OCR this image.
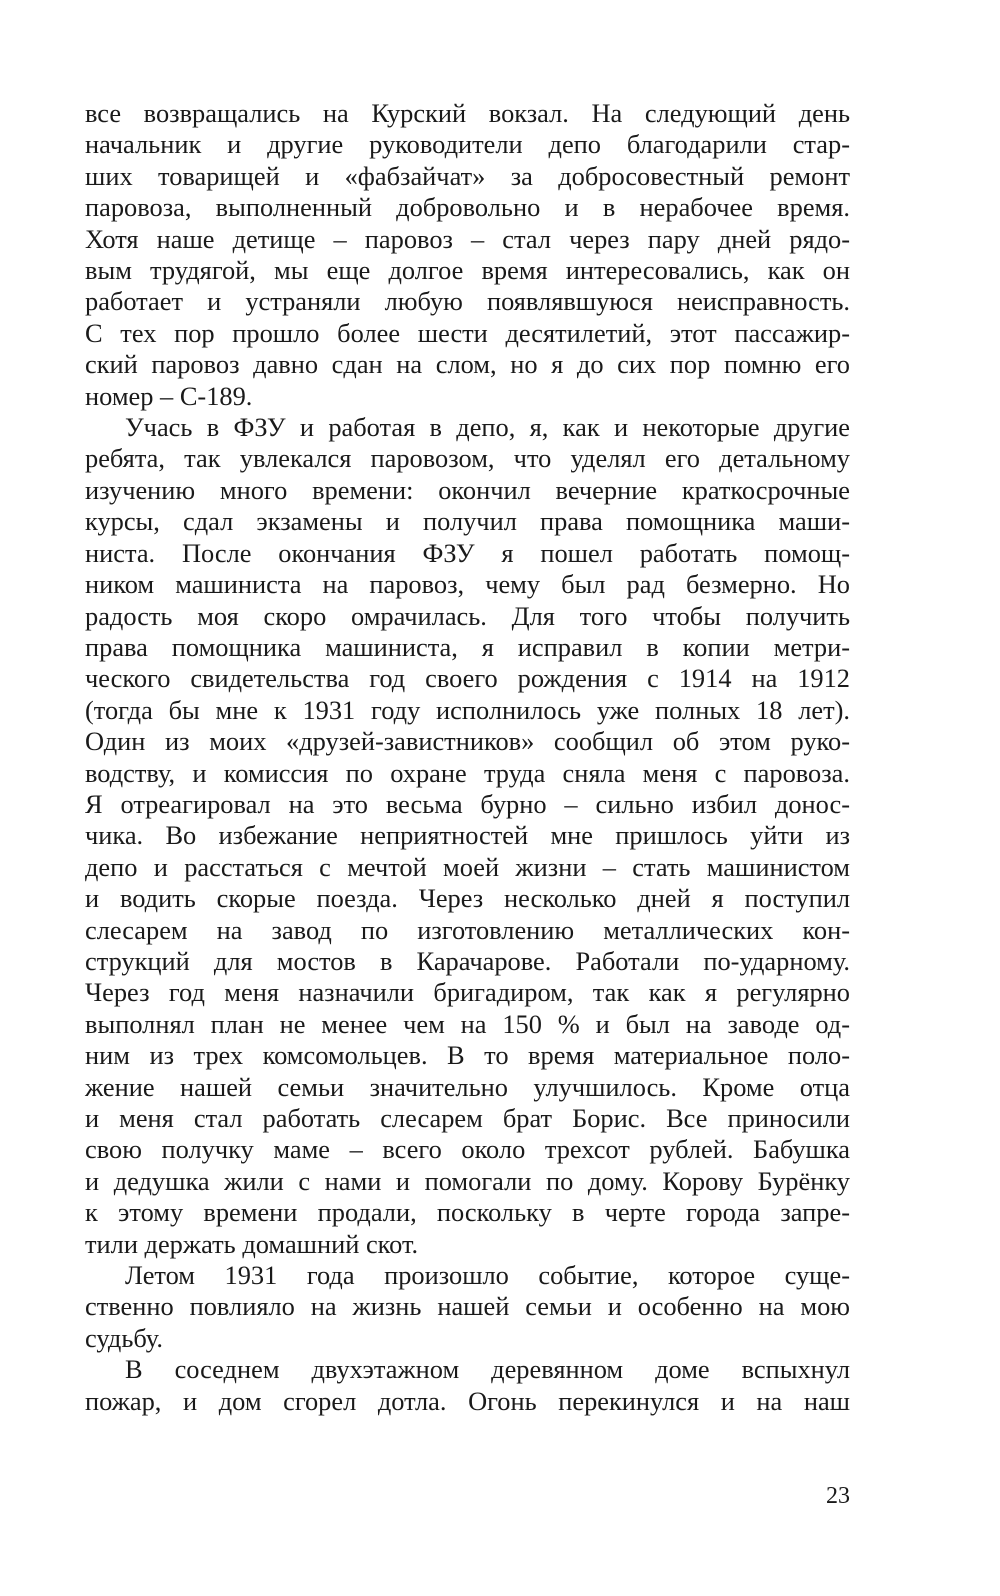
все возвращались на Курский вокзал. На следующий день
начальник и другие руководители депо благодарили стар-
ших товарищей и «фабзайчат» за добросовестный ремонт
паровоза, выполненный добровольно и в нерабочее время.
Хотя наше детище – паровоз – стал через пару дней рядо-
вым трудягой, мы еще долгое время интересовались, как он
работает и устраняли любую появлявшуюся неисправность.
С тех пор прошло более шести десятилетий, этот пассажир-
ский паровоз давно сдан на слом, но я до сих пор помню его
номер – С-189.
Учась в ФЗУ и работая в депо, я, как и некоторые другие
ребята, так увлекался паровозом, что уделял его детальному
изучению много времени: окончил вечерние краткосрочные
курсы, сдал экзамены и получил права помощника маши-
ниста. После окончания ФЗУ я пошел работать помощ-
ником машиниста на паровоз, чему был рад безмерно. Но
радость моя скоро омрачилась. Для того чтобы получить
права помощника машиниста, я исправил в копии метри-
ческого свидетельства год своего рождения с 1914 на 1912
(тогда бы мне к 1931 году исполнилось уже полных 18 лет).
Один из моих «друзей-завистников» сообщил об этом руко-
водству, и комиссия по охране труда сняла меня с паровоза.
Я отреагировал на это весьма бурно – сильно избил донос-
чика. Во избежание неприятностей мне пришлось уйти из
депо и расстаться с мечтой моей жизни – стать машинистом
и водить скорые поезда. Через несколько дней я поступил
слесарем на завод по изготовлению металлических кон-
струкций для мостов в Карачарове. Работали по-ударному.
Через год меня назначили бригадиром, так как я регулярно
выполнял план не менее чем на 150 % и был на заводе од-
ним из трех комсомольцев. В то время материальное поло-
жение нашей семьи значительно улучшилось. Кроме отца
и меня стал работать слесарем брат Борис. Все приносили
свою получку маме – всего около трехсот рублей. Бабушка
и дедушка жили с нами и помогали по дому. Корову Бурёнку
к этому времени продали, поскольку в черте города запре-
тили держать домашний скот.
Летом 1931 года произошло событие, которое суще-
ственно повлияло на жизнь нашей семьи и особенно на мою
судьбу.
В соседнем двухэтажном деревянном доме вспыхнул
пожар, и дом сгорел дотла. Огонь перекинулся и на наш
23
